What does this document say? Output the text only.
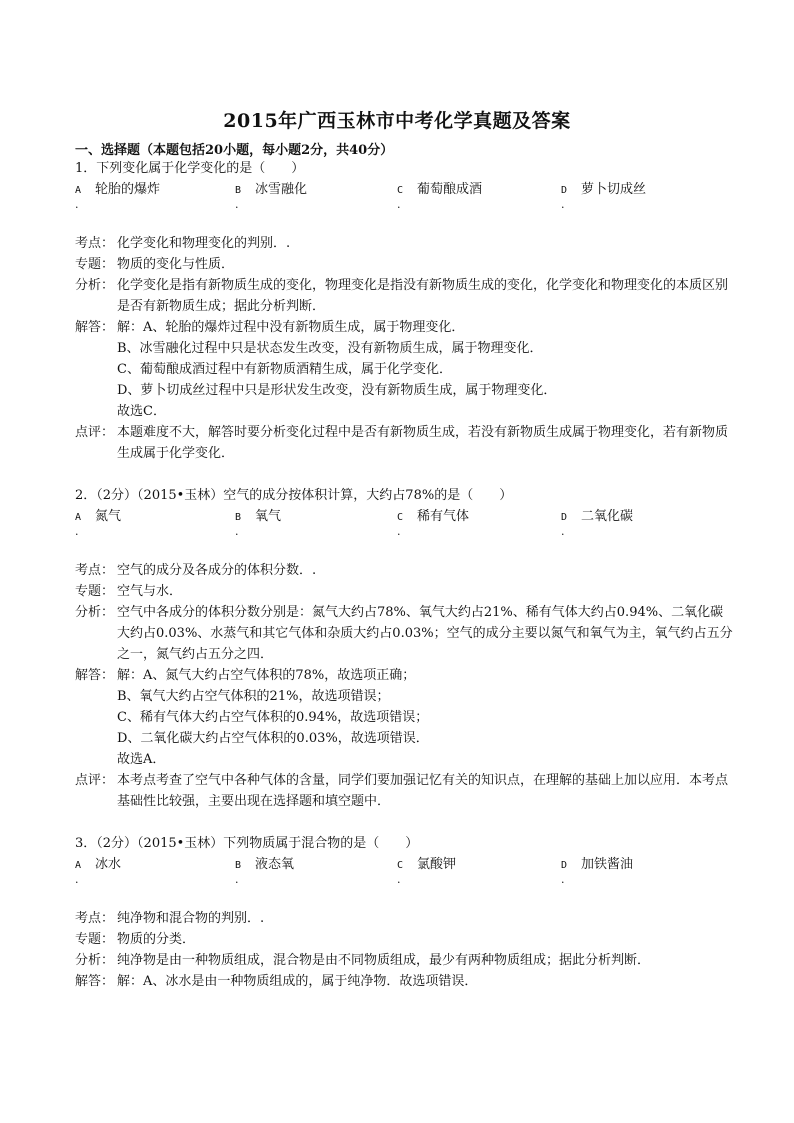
2015年广西玉林市中考化学真题及答案
一、选择题（本题包括20小题，每小题2分，共40分）
1．下列变化属于化学变化的是（　　）
A 轮胎的爆炸
.
B 冰雪融化
.
C 葡萄酿成酒
.
D 萝卜切成丝
.
考点： 化学变化和物理变化的判别．.
专题： 物质的变化与性质．
分析： 化学变化是指有新物质生成的变化，物理变化是指没有新物质生成的变化，化学变化和物理变化的本质区别是否有新物质生成；据此分析判断．
解答： 解：A、轮胎的爆炸过程中没有新物质生成，属于物理变化．
B、冰雪融化过程中只是状态发生改变，没有新物质生成，属于物理变化．
C、葡萄酿成酒过程中有新物质酒精生成，属于化学变化．
D、萝卜切成丝过程中只是形状发生改变，没有新物质生成，属于物理变化．
故选C．
点评： 本题难度不大，解答时要分析变化过程中是否有新物质生成，若没有新物质生成属于物理变化，若有新物质生成属于化学变化．
2．（2分）（2015•玉林）空气的成分按体积计算，大约占78%的是（　　）
A 氮气
.
B 氧气
.
C 稀有气体
.
D 二氧化碳
.
考点： 空气的成分及各成分的体积分数．.
专题： 空气与水．
分析： 空气中各成分的体积分数分别是：氮气大约占78%、氧气大约占21%、稀有气体大约占0.94%、二氧化碳大约占0.03%、水蒸气和其它气体和杂质大约占0.03%；空气的成分主要以氮气和氧气为主，氧气约占五分之一，氮气约占五分之四．
解答： 解：A、氮气大约占空气体积的78%，故选项正确；
B、氧气大约占空气体积的21%，故选项错误；
C、稀有气体大约占空气体积的0.94%，故选项错误；
D、二氧化碳大约占空气体积的0.03%，故选项错误．
故选A．
点评： 本考点考查了空气中各种气体的含量，同学们要加强记忆有关的知识点，在理解的基础上加以应用．本考点基础性比较强，主要出现在选择题和填空题中．
3．（2分）（2015•玉林）下列物质属于混合物的是（　　）
A 冰水
.
B 液态氧
.
C 氯酸钾
.
D 加铁酱油
.
考点： 纯净物和混合物的判别．.
专题： 物质的分类．
分析： 纯净物是由一种物质组成，混合物是由不同物质组成，最少有两种物质组成；据此分析判断．
解答： 解：A、冰水是由一种物质组成的，属于纯净物．故选项错误．
